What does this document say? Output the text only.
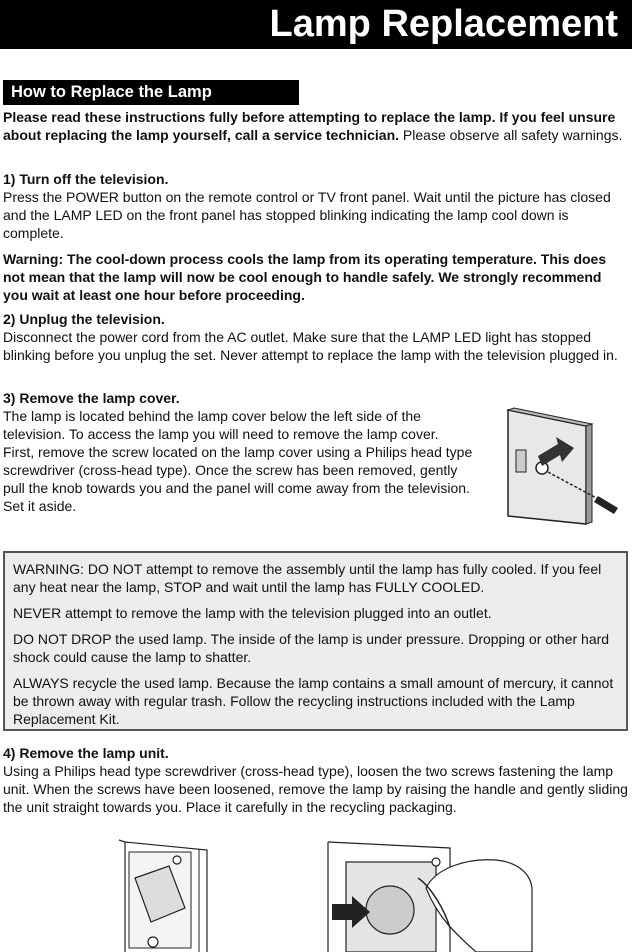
Lamp Replacement
How to Replace the Lamp
Please read these instructions fully before attempting to replace the lamp. If you feel unsure about replacing the lamp yourself, call a service technician. Please observe all safety warnings.
1) Turn off the television.
Press the POWER button on the remote control or TV front panel. Wait until the picture has closed and the LAMP LED on the front panel has stopped blinking indicating the lamp cool down is complete.
Warning: The cool-down process cools the lamp from its operating temperature. This does not mean that the lamp will now be cool enough to handle safely. We strongly recommend you wait at least one hour before proceeding.
2) Unplug the television.
Disconnect the power cord from the AC outlet. Make sure that the LAMP LED light has stopped blinking before you unplug the set. Never attempt to replace the lamp with the television plugged in.
3) Remove the lamp cover.
The lamp is located behind the lamp cover below the left side of the television. To access the lamp you will need to remove the lamp cover. First, remove the screw located on the lamp cover using a Philips head type screwdriver (cross-head type). Once the screw has been removed, gently pull the knob towards you and the panel will come away from the television. Set it aside.

WARNING: DO NOT attempt to remove the assembly until the lamp has fully cooled. If you feel any heat near the lamp, STOP and wait until the lamp has FULLY COOLED.

NEVER attempt to remove the lamp with the television plugged into an outlet.

DO NOT DROP the used lamp. The inside of the lamp is under pressure. Dropping or other hard shock could cause the lamp to shatter.

ALWAYS recycle the used lamp. Because the lamp contains a small amount of mercury, it cannot be thrown away with regular trash. Follow the recycling instructions included with the Lamp Replacement Kit.

4) Remove the lamp unit.
Using a Philips head type screwdriver (cross-head type), loosen the two screws fastening the lamp unit. When the screws have been loosened, remove the lamp by raising the handle and gently sliding the unit straight towards you. Place it carefully in the recycling packaging.
